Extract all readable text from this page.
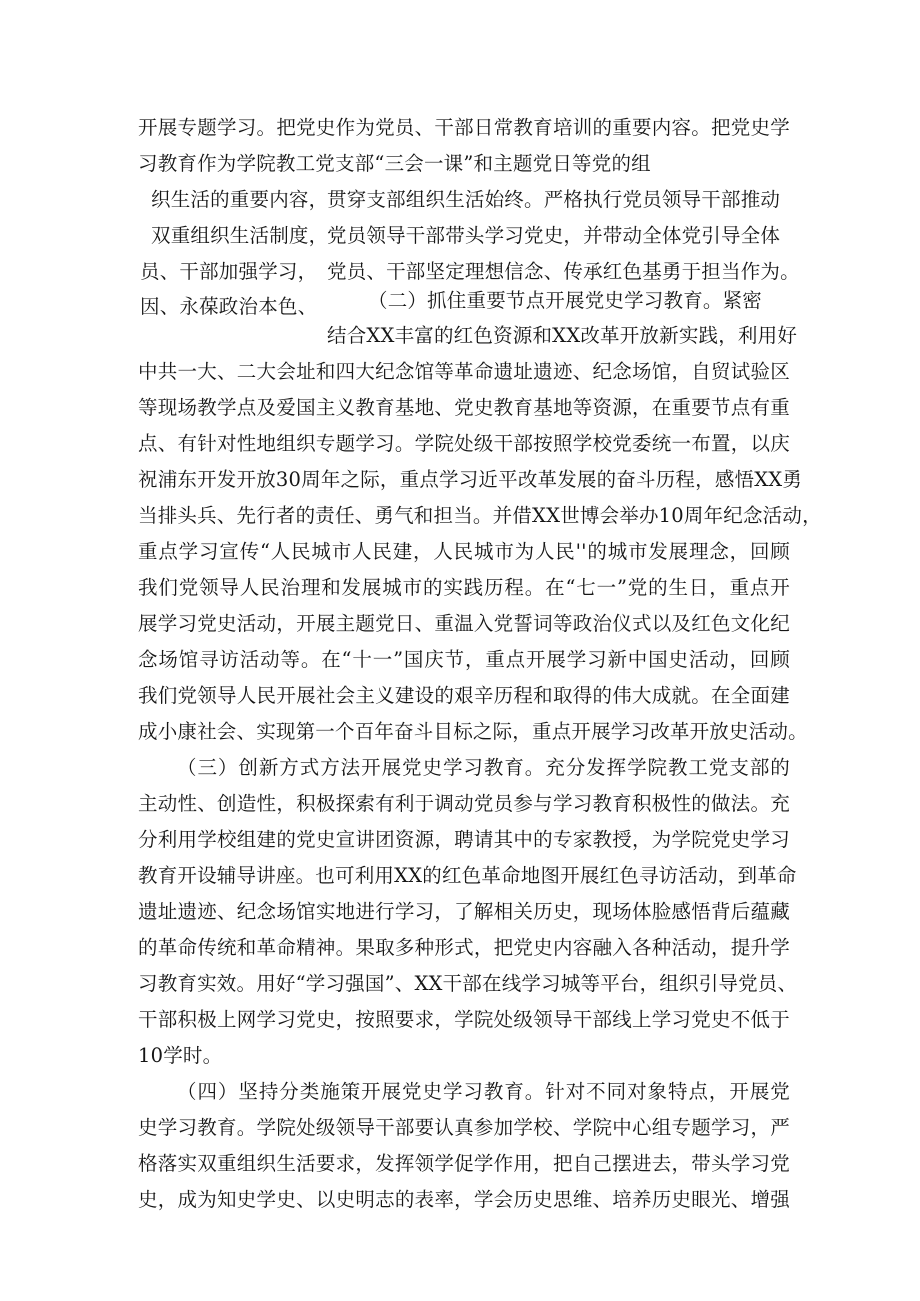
开展专题学习。把党史作为党员、干部日常教育培训的重要内容。把党史学
习教育作为学院教工党支部“三会一课”和主题党日等党的组
织生活的重要内容，
贯穿支部组织生活始终。严格执行党员领导干部推动
双重组织生活制度，
党员领导干部带头学习党史，并带动全体党引导全体
员、干部加强学习， 党员、干部坚定理想信念、传承红色基勇于担当作为。
因、永葆政治本色、	（二）抓住重要节点开展党史学习教育。紧密
结合XX丰富的红色资源和XX改革开放新实践，利用好
中共一大、二大会址和四大纪念馆等革命遗址遗迹、纪念场馆，自贸试验区
等现场教学点及爱国主义教育基地、党史教育基地等资源，在重要节点有重
点、有针对性地组织专题学习。学院处级干部按照学校党委统一布置，以庆
祝浦东开发开放30周年之际，重点学习近平改革发展的奋斗历程，感悟XX勇
当排头兵、先行者的责任、勇气和担当。并借XX世博会举办10周年纪念活动，
重点学习宣传“人民城市人民建，人民城市为人民''的城市发展理念，回顾
我们党领导人民治理和发展城市的实践历程。在“七一”党的生日，重点开
展学习党史活动，开展主题党日、重温入党誓词等政治仪式以及红色文化纪
念场馆寻访活动等。在“十一”国庆节，重点开展学习新中国史活动，回顾
我们党领导人民开展社会主义建设的艰辛历程和取得的伟大成就。在全面建
成小康社会、实现第一个百年奋斗目标之际，重点开展学习改革开放史活动。
（三）创新方式方法开展党史学习教育。充分发挥学院教工党支部的
主动性、创造性，积极探索有利于调动党员参与学习教育积极性的做法。充
分利用学校组建的党史宣讲团资源，聘请其中的专家教授，为学院党史学习
教育开设辅导讲座。也可利用XX的红色革命地图开展红色寻访活动，到革命
遗址遗迹、纪念场馆实地进行学习，了解相关历史，现场体脸感悟背后蕴藏
的革命传统和革命精神。果取多种形式，把党史内容融入各种活动，提升学
习教育实效。用好“学习强国”、XX干部在线学习城等平台，组织引导党员、
干部积极上网学习党史，按照要求，学院处级领导干部线上学习党史不低于
10学时。
（四）坚持分类施策开展党史学习教育。针对不同对象特点，开展党
史学习教育。学院处级领导干部要认真参加学校、学院中心组专题学习，严
格落实双重组织生活要求，发挥领学促学作用，把自己摆进去，带头学习党
史，成为知史学史、以史明志的表率，学会历史思维、培养历史眼光、增强
